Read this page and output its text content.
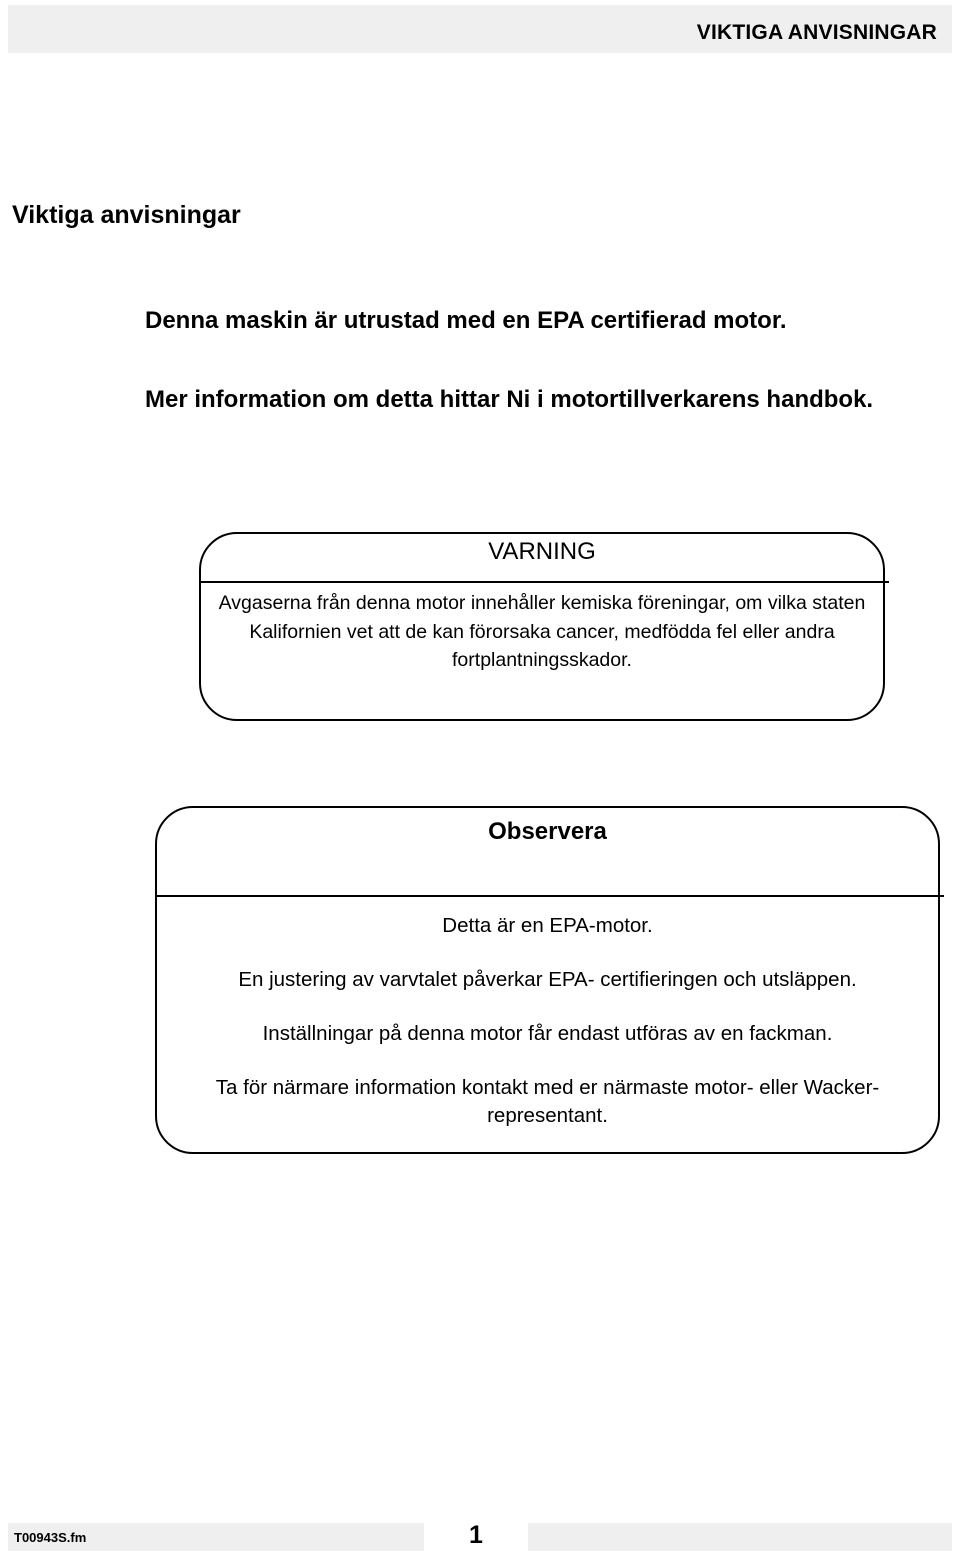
VIKTIGA ANVISNINGAR
Viktiga anvisningar
Denna maskin är utrustad med en EPA certifierad motor.
Mer information om detta hittar Ni i motortillverkarens handbok.
VARNING
Avgaserna från denna motor innehåller kemiska föreningar, om vilka staten Kalifornien vet att de kan förorsaka cancer, medfödda fel eller andra fortplantningsskador.
Observera
Detta är en EPA-motor.
En justering av varvtalet påverkar EPA- certifieringen och utsläppen.
Inställningar på denna motor får endast utföras av en fackman.
Ta för närmare information kontakt med er närmaste motor- eller Wacker-representant.
T00943S.fm	1
